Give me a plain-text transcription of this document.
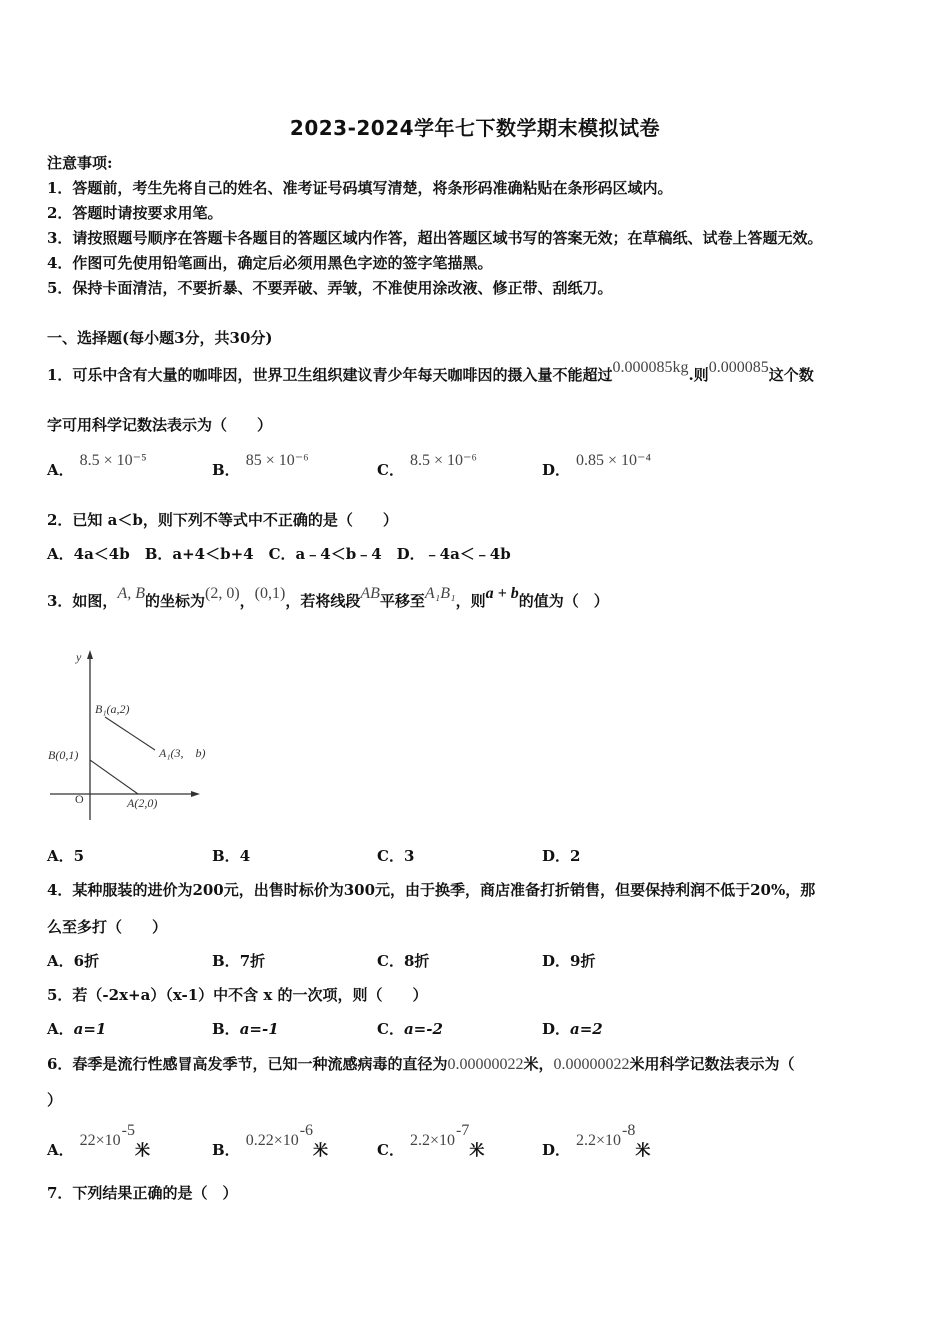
2023-2024学年七下数学期末模拟试卷
注意事项:
1．答题前，考生先将自己的姓名、准考证号码填写清楚，将条形码准确粘贴在条形码区域内。
2．答题时请按要求用笔。
3．请按照题号顺序在答题卡各题目的答题区域内作答，超出答题区域书写的答案无效；在草稿纸、试卷上答题无效。
4．作图可先使用铅笔画出，确定后必须用黑色字迹的签字笔描黑。
5．保持卡面清洁，不要折暴、不要弄破、弄皱，不准使用涂改液、修正带、刮纸刀。
一、选择题(每小题3分，共30分)
1．可乐中含有大量的咖啡因，世界卫生组织建议青少年每天咖啡因的摄入量不能超过0.000085kg.则0.000085这个数
字可用科学记数法表示为（　　）
A．8.5 × 10⁻⁵
B．85 × 10⁻⁶
C．8.5 × 10⁻⁶
D．0.85 × 10⁻⁴
2．已知 a＜b，则下列不等式中不正确的是（　　）
A．4a＜4b　B．a+4＜b+4　C．a﹣4＜b﹣4　D．﹣4a＜﹣4b
3．如图，A, B的坐标为(2, 0)，(0,1)，若将线段AB平移至A₁B₁，则a + b的值为（　）
y
O
B₁(a,2)
A₁(3,　b)
B(0,1)
A(2,0)
A．5	B．4	C．3	D．2
4．某种服装的进价为200元，出售时标价为300元，由于换季，商店准备打折销售，但要保持利润不低于20%，那
么至多打（　　）
A．6折	B．7折	C．8折	D．9折
5．若（-2x+a）（x-1）中不含 x 的一次项，则（　　）
A．a=1	B．a=-1	C．a=-2	D．a=2
6．春季是流行性感冒高发季节，已知一种流感病毒的直径为0.00000022米，0.00000022米用科学记数法表示为（
）
A．$22\times 10^{-5}$米	B．$0.22\times 10^{-6}$米	C．$2.2\times 10^{-7}$米	D．$2.2\times 10^{-8}$米
7．下列结果正确的是（　）
